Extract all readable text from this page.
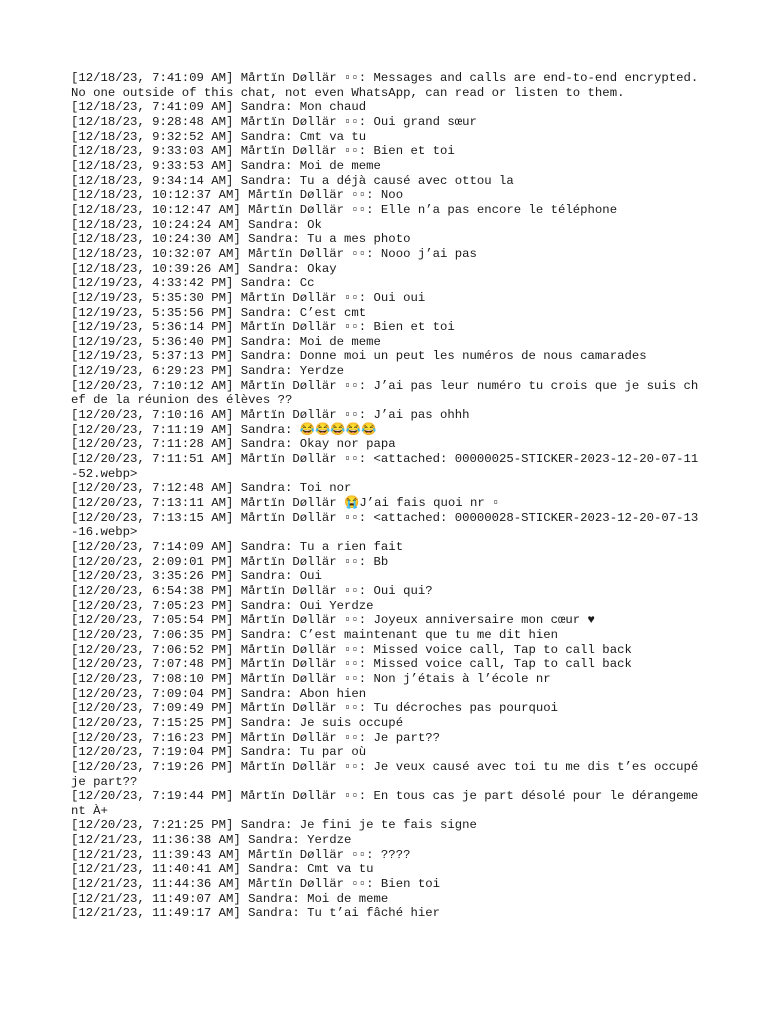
[12/18/23, 7:41:09 AM] Mårtïn Døllär ▫▫: Messages and calls are end-to-end encrypted. No one outside of this chat, not even WhatsApp, can read or listen to them.
[12/18/23, 7:41:09 AM] Sandra: Mon chaud
[12/18/23, 9:28:48 AM] Mårtïn Døllär ▫▫: Oui grand sœur
[12/18/23, 9:32:52 AM] Sandra: Cmt va tu
[12/18/23, 9:33:03 AM] Mårtïn Døllär ▫▫: Bien et toi
[12/18/23, 9:33:53 AM] Sandra: Moi de meme
[12/18/23, 9:34:14 AM] Sandra: Tu a déjà causé avec ottou la
[12/18/23, 10:12:37 AM] Mårtïn Døllär ▫▫: Noo
[12/18/23, 10:12:47 AM] Mårtïn Døllär ▫▫: Elle n’a pas encore le téléphone
[12/18/23, 10:24:24 AM] Sandra: Ok
[12/18/23, 10:24:30 AM] Sandra: Tu a mes photo
[12/18/23, 10:32:07 AM] Mårtïn Døllär ▫▫: Nooo j’ai pas
[12/18/23, 10:39:26 AM] Sandra: Okay
[12/19/23, 4:33:42 PM] Sandra: Cc
[12/19/23, 5:35:30 PM] Mårtïn Døllär ▫▫: Oui oui
[12/19/23, 5:35:56 PM] Sandra: C’est cmt
[12/19/23, 5:36:14 PM] Mårtïn Døllär ▫▫: Bien et toi
[12/19/23, 5:36:40 PM] Sandra: Moi de meme
[12/19/23, 5:37:13 PM] Sandra: Donne moi un peut les numéros de nous camarades
[12/19/23, 6:29:23 PM] Sandra: Yerdze
[12/20/23, 7:10:12 AM] Mårtïn Døllär ▫▫: J’ai pas leur numéro tu crois que je suis chef de la réunion des élèves ??
[12/20/23, 7:10:16 AM] Mårtïn Døllär ▫▫: J’ai pas ohhh
[12/20/23, 7:11:19 AM] Sandra: 😂😂😂😂😂
[12/20/23, 7:11:28 AM] Sandra: Okay nor papa
[12/20/23, 7:11:51 AM] Mårtïn Døllär ▫▫: <attached: 00000025-STICKER-2023-12-20-07-11-52.webp>
[12/20/23, 7:12:48 AM] Sandra: Toi nor
[12/20/23, 7:13:11 AM] Mårtïn Døllär 😭J’ai fais quoi nr ▫
[12/20/23, 7:13:15 AM] Mårtïn Døllär ▫▫: <attached: 00000028-STICKER-2023-12-20-07-13-16.webp>
[12/20/23, 7:14:09 AM] Sandra: Tu a rien fait
[12/20/23, 2:09:01 PM] Mårtïn Døllär ▫▫: Bb
[12/20/23, 3:35:26 PM] Sandra: Oui
[12/20/23, 6:54:38 PM] Mårtïn Døllär ▫▫: Oui qui?
[12/20/23, 7:05:23 PM] Sandra: Oui Yerdze
[12/20/23, 7:05:54 PM] Mårtïn Døllär ▫▫: Joyeux anniversaire mon cœur ♥
[12/20/23, 7:06:35 PM] Sandra: C’est maintenant que tu me dit hien
[12/20/23, 7:06:52 PM] Mårtïn Døllär ▫▫: Missed voice call, Tap to call back
[12/20/23, 7:07:48 PM] Mårtïn Døllär ▫▫: Missed voice call, Tap to call back
[12/20/23, 7:08:10 PM] Mårtïn Døllär ▫▫: Non j’étais à l’école nr
[12/20/23, 7:09:04 PM] Sandra: Abon hien
[12/20/23, 7:09:49 PM] Mårtïn Døllär ▫▫: Tu décroches pas pourquoi
[12/20/23, 7:15:25 PM] Sandra: Je suis occupé
[12/20/23, 7:16:23 PM] Mårtïn Døllär ▫▫: Je part??
[12/20/23, 7:19:04 PM] Sandra: Tu par où
[12/20/23, 7:19:26 PM] Mårtïn Døllär ▫▫: Je veux causé avec toi tu me dis t’es occupé je part??
[12/20/23, 7:19:44 PM] Mårtïn Døllär ▫▫: En tous cas je part désolé pour le dérangement À+
[12/20/23, 7:21:25 PM] Sandra: Je fini je te fais signe
[12/21/23, 11:36:38 AM] Sandra: Yerdze
[12/21/23, 11:39:43 AM] Mårtïn Døllär ▫▫: ????
[12/21/23, 11:40:41 AM] Sandra: Cmt va tu
[12/21/23, 11:44:36 AM] Mårtïn Døllär ▫▫: Bien toi
[12/21/23, 11:49:07 AM] Sandra: Moi de meme
[12/21/23, 11:49:17 AM] Sandra: Tu t’ai fâché hier
